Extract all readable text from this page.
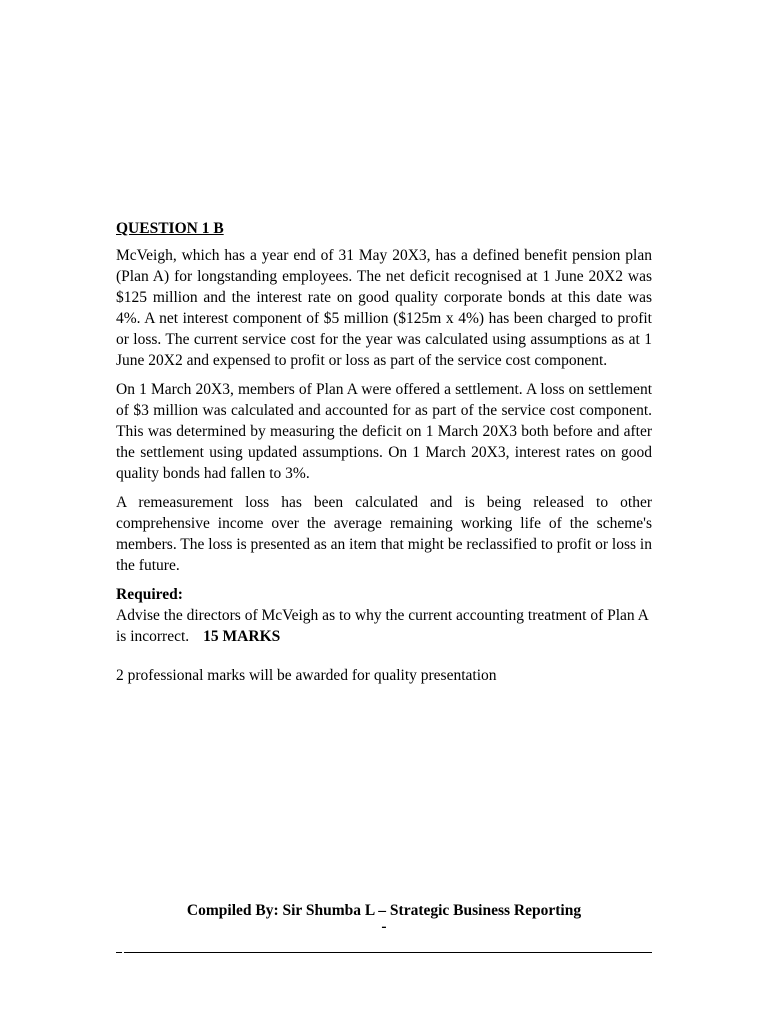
QUESTION 1 B

McVeigh, which has a year end of 31 May 20X3, has a defined benefit pension plan (Plan A) for longstanding employees. The net deficit recognised at 1 June 20X2 was $125 million and the interest rate on good quality corporate bonds at this date was 4%. A net interest component of $5 million ($125m x 4%) has been charged to profit or loss. The current service cost for the year was calculated using assumptions as at 1 June 20X2 and expensed to profit or loss as part of the service cost component.

On 1 March 20X3, members of Plan A were offered a settlement. A loss on settlement of $3 million was calculated and accounted for as part of the service cost component. This was determined by measuring the deficit on 1 March 20X3 both before and after the settlement using updated assumptions. On 1 March 20X3, interest rates on good quality bonds had fallen to 3%.

A remeasurement loss has been calculated and is being released to other comprehensive income over the average remaining working life of the scheme's members. The loss is presented as an item that might be reclassified to profit or loss in the future.

Required:

Advise the directors of McVeigh as to why the current accounting treatment of Plan A is incorrect. 15 MARKS

2 professional marks will be awarded for quality presentation

Compiled By: Sir Shumba L – Strategic Business Reporting
-
